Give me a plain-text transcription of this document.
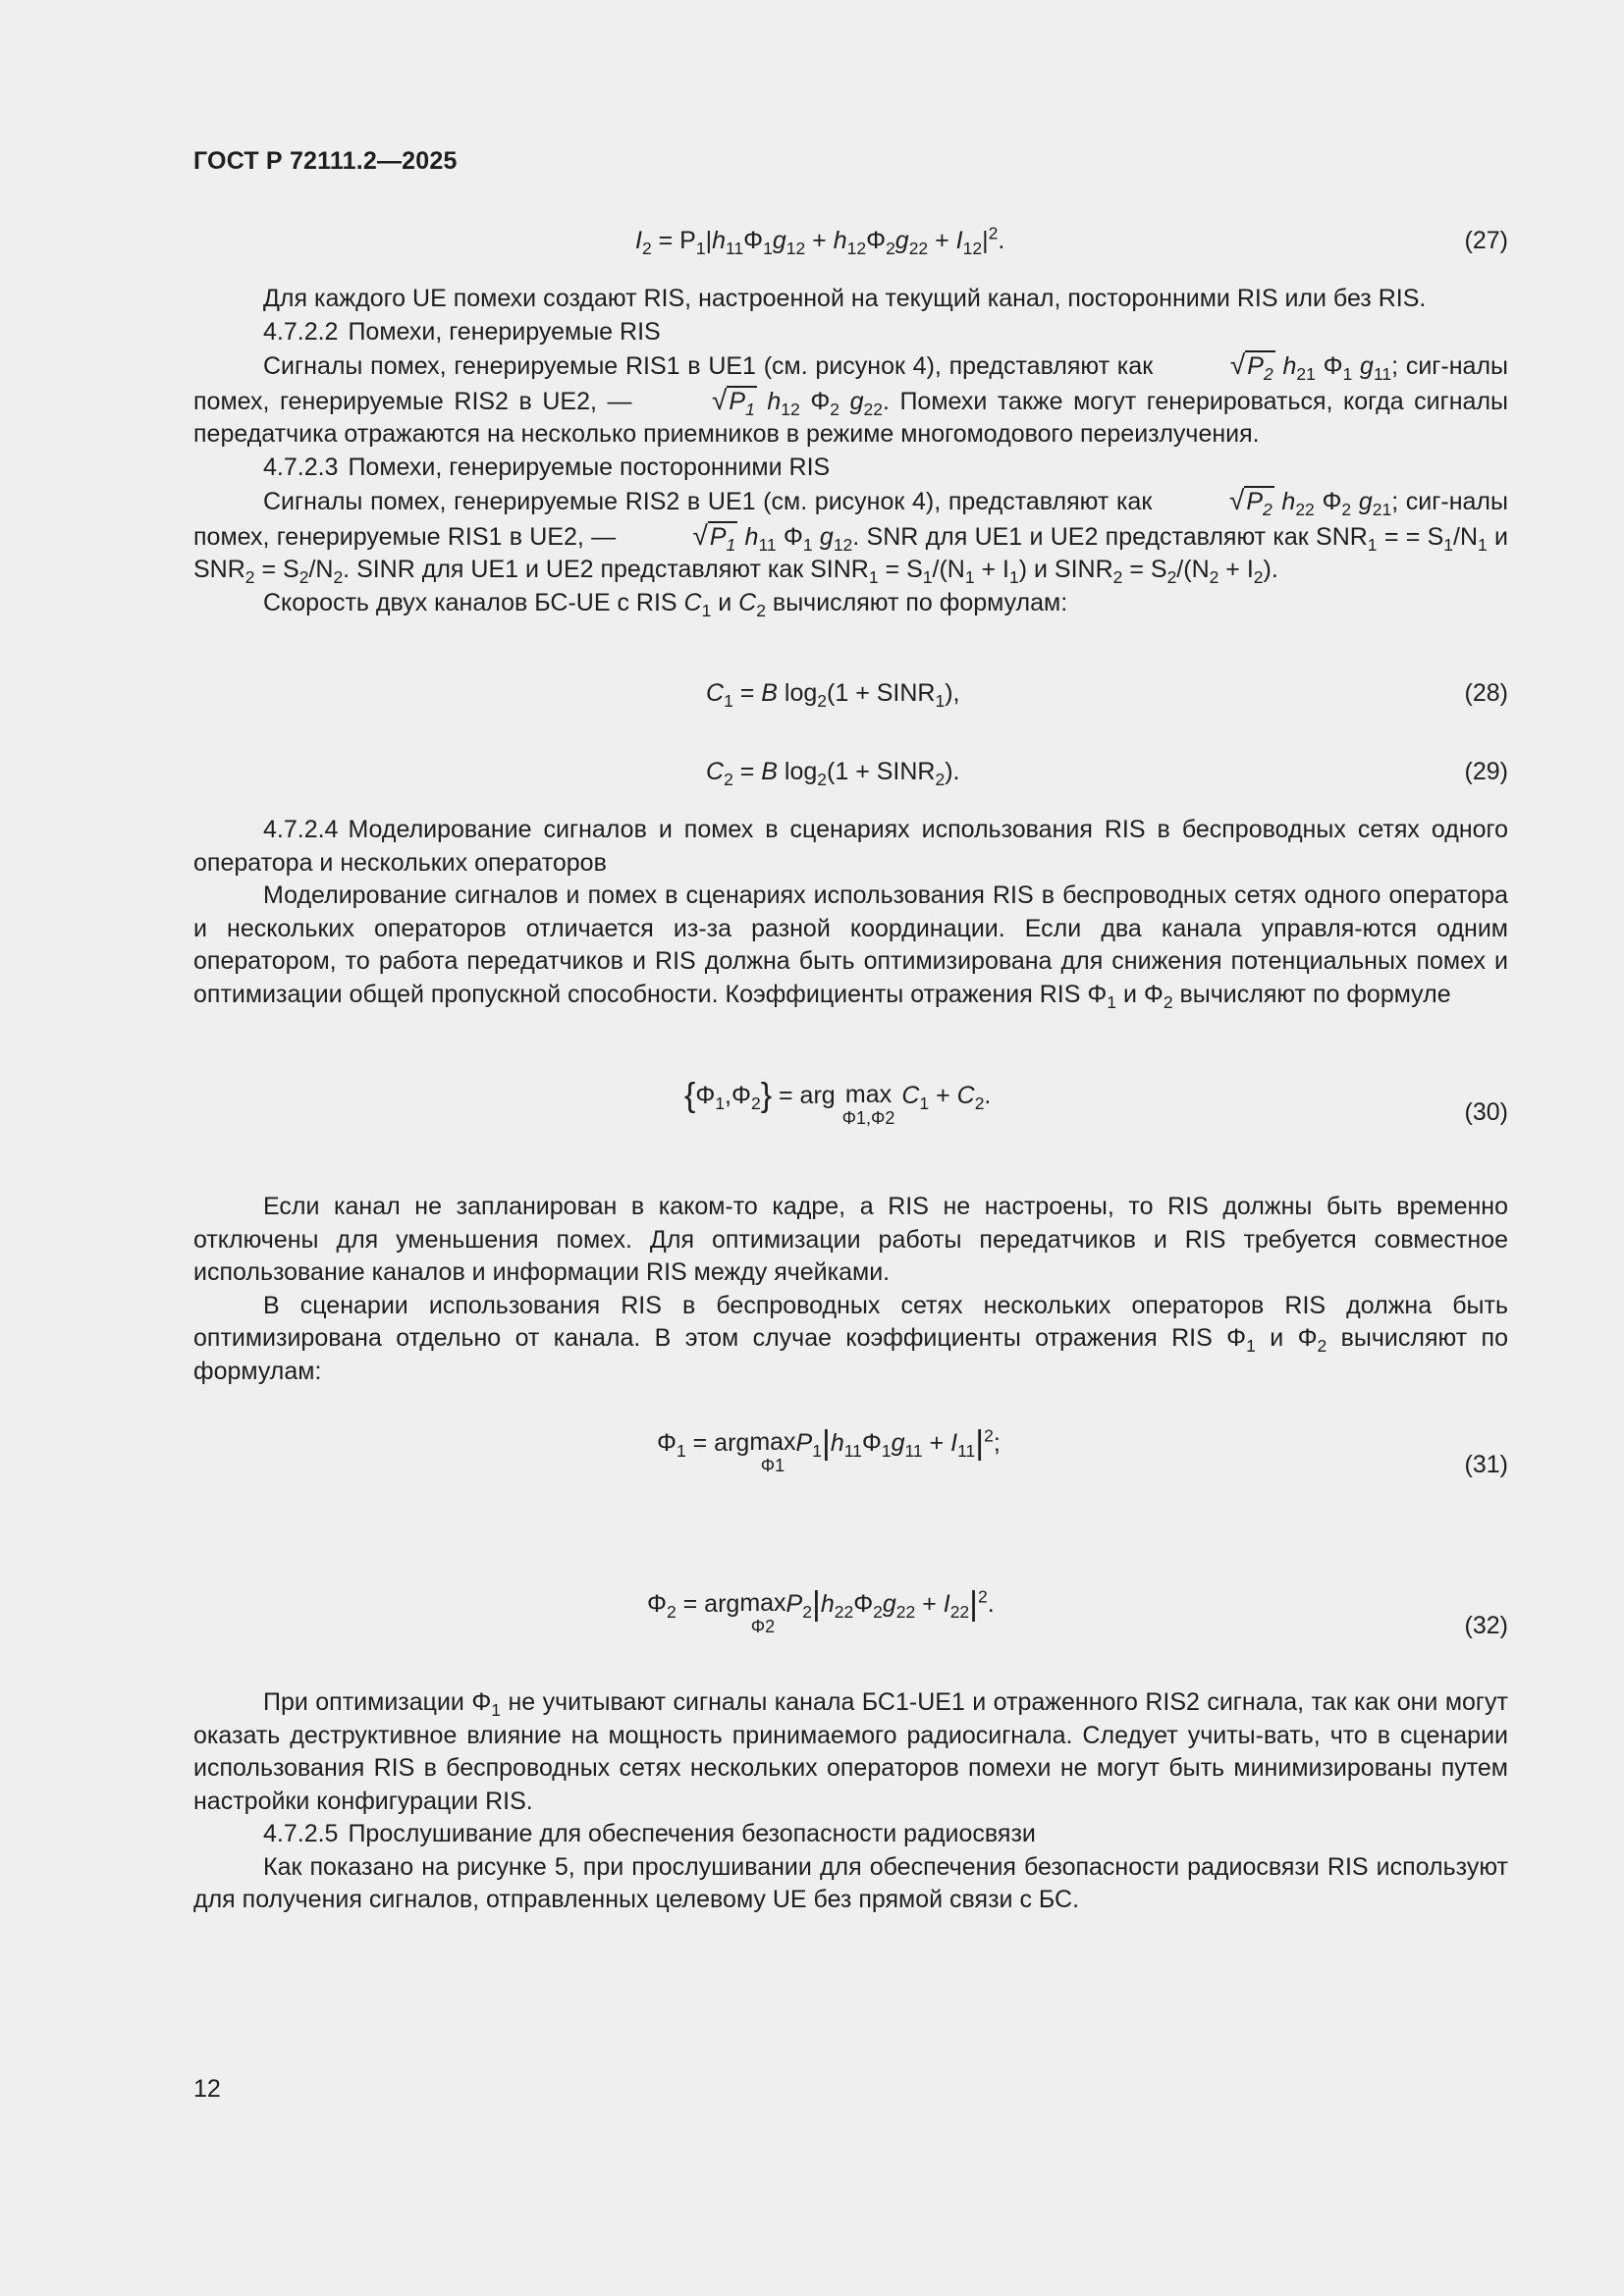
ГОСТ Р 72111.2—2025
$I_2 = P_1|h_{11}\Phi_1g_{12} + h_{12}\Phi_2g_{22} + I_{12}|^2$.	(27)

Для каждого UE помехи создают RIS, настроенной на текущий канал, посторонними RIS или без RIS.

4.7.2.2 Помехи, генерируемые RIS

Сигналы помех, генерируемые RIS1 в UE1 (см. рисунок 4), представляют как	$√P_2$ $h_{21}$ $\Phi_1$ $g_{11}$; сиг-налы помех, генерируемые RIS2 в UE2, —	$√P_1$ $h_{12}$ $\Phi_2$ $g_{22}$. Помехи также могут генерироваться, когда сигналы передатчика отражаются на несколько приемников в режиме многомодового переизлучения.

4.7.2.3 Помехи, генерируемые посторонними RIS

Сигналы помех, генерируемые RIS2 в UE1 (см. рисунок 4), представляют как	$√P_2$ $h_{22}$ $\Phi_2$ $g_{21}$; сиг-налы помех, генерируемые RIS1 в UE2, —	$√P_1$ $h_{11}$ $\Phi_1$ $g_{12}$. SNR для UE1 и UE2 представляют как $SNR_1$ = = $S_1/N_1$ и $SNR_2 = S_2/N_2$. SINR для UE1 и UE2 представляют как $SINR_1 = S_1/(N_1 + I_1)$ и $SINR_2 = S_2/(N_2 + I_2)$.

Скорость двух каналов БС-UE с RIS $C_1$ и $C_2$ вычисляют по формулам:

$C_1 = B$ $\log_2(1$ + $SINR_1$),	(28)
$C_2 = B$ $\log_2(1$ + $SINR_2$).	(29)

4.7.2.4 Моделирование сигналов и помех в сценариях использования RIS в беспроводных сетях одного оператора и нескольких операторов

Моделирование сигналов и помех в сценариях использования RIS в беспроводных сетях одного оператора и нескольких операторов отличается из-за разной координации. Если два канала управля-ются одним оператором, то работа передатчиков и RIS должна быть оптимизирована для снижения потенциальных помех и оптимизации общей пропускной способности. Коэффициенты отражения RIS $\Phi_1$ и $\Phi_2$ вычисляют по формуле

$\{\Phi_1,\Phi_2\}$ = arg max
Φ1,Φ2
$C_1 + C_2$.
(30)

Если канал не запланирован в каком-то кадре, а RIS не настроены, то RIS должны быть временно отключены для уменьшения помех. Для оптимизации работы передатчиков и RIS требуется совместное использование каналов и информации RIS между ячейками.

В сценарии использования RIS в беспроводных сетях нескольких операторов RIS должна быть оптимизирована отдельно от канала. В этом случае коэффициенты отражения RIS $\Phi_1$ и $\Phi_2$ вычисляют по формулам:

$\Phi_1$ = arg max
Φ1
$P_1|h_{11}\Phi_1g_{11} + I_{11}|^2$;
(31)
$\Phi_2$ = arg max
Φ2
$P_2|h_{22}\Phi_2g_{22} + I_{22}|^2$.
(32)

При оптимизации $\Phi_1$ не учитывают сигналы канала БС1-UE1 и отраженного RIS2 сигнала, так как они могут оказать деструктивное влияние на мощность принимаемого радиосигнала. Следует учиты-вать, что в сценарии использования RIS в беспроводных сетях нескольких операторов помехи не могут быть минимизированы путем настройки конфигурации RIS.

4.7.2.5 Прослушивание для обеспечения безопасности радиосвязи

Как показано на рисунке 5, при прослушивании для обеспечения безопасности радиосвязи RIS используют для получения сигналов, отправленных целевому UE без прямой связи с БС.

12
